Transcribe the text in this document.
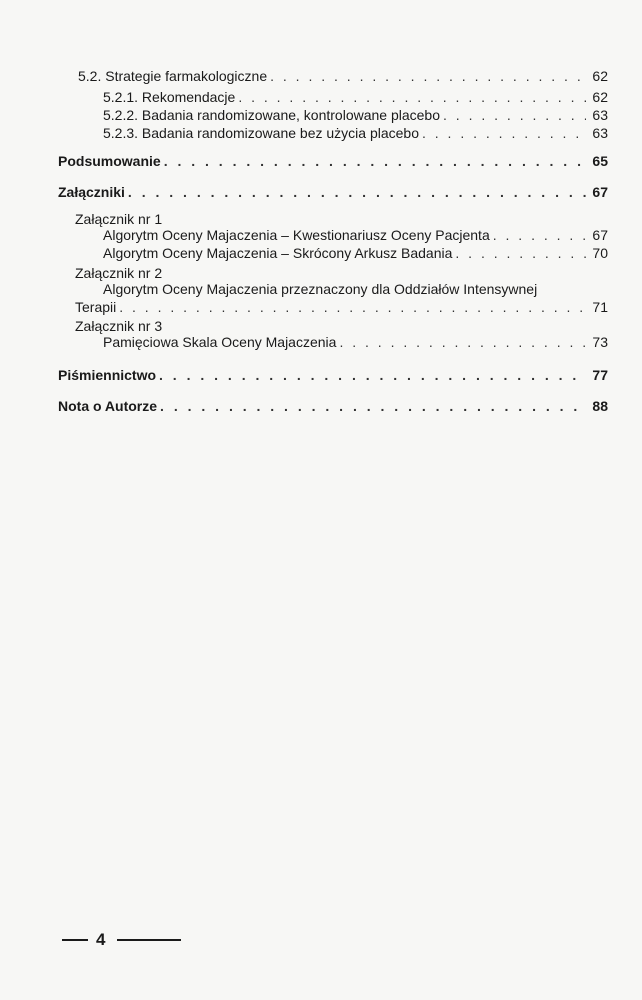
5.2. Strategie farmakologiczne . . .	62
5.2.1. Rekomendacje . . .	62
5.2.2. Badania randomizowane, kontrolowane placebo . . .	63
5.2.3. Badania randomizowane bez użycia placebo . . .	63
Podsumowanie . . .	65
Załączniki . . .	67
Załącznik nr 1
Algorytm Oceny Majaczenia – Kwestionariusz Oceny Pacjenta . . .	67
Algorytm Oceny Majaczenia – Skrócony Arkusz Badania . . .	70
Załącznik nr 2
Algorytm Oceny Majaczenia przeznaczony dla Oddziałów Intensywnej
Terapii . . .	71
Załącznik nr 3
Pamięciowa Skala Oceny Majaczenia . . .	73
Piśmiennictwo . . .	77
Nota o Autorze . . .	88
4
